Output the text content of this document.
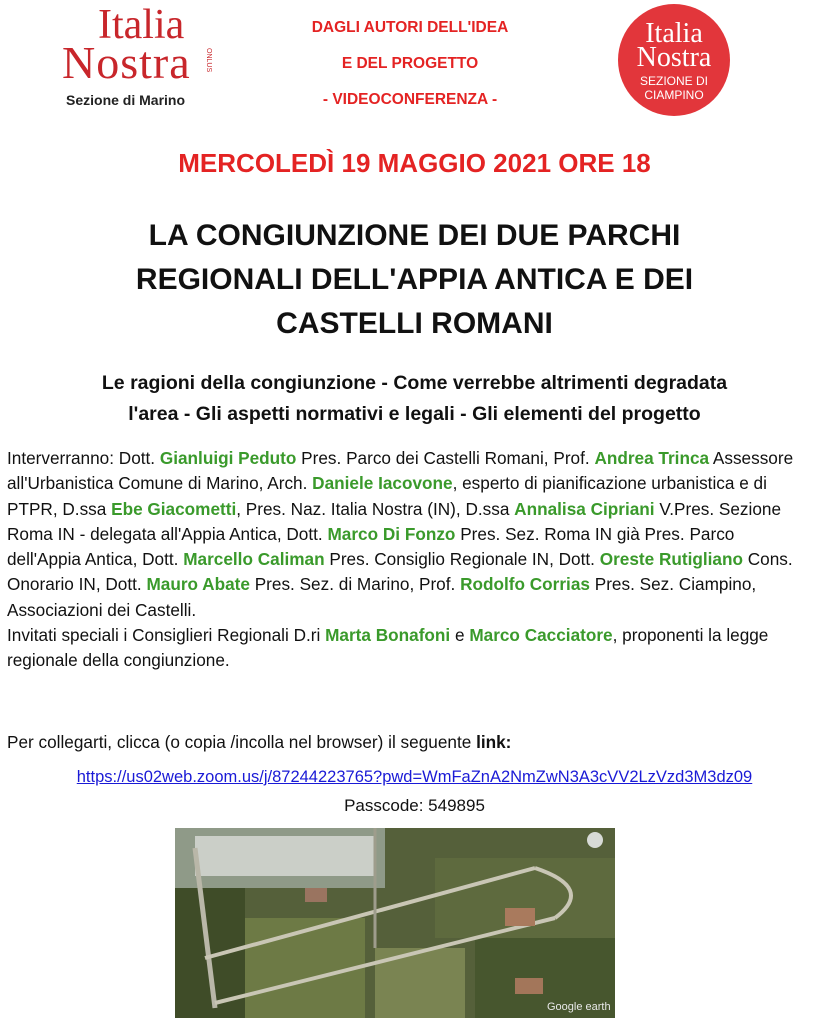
Italia
Nostra ONLUS
Sezione di Marino
DAGLI AUTORI DELL'IDEA
E DEL PROGETTO
- VIDEOCONFERENZA -
Italia
Nostra
SEZIONE DI
CIAMPINO
MERCOLEDÌ 19 MAGGIO 2021 ORE 18
LA CONGIUNZIONE DEI DUE PARCHI
REGIONALI DELL'APPIA ANTICA E DEI
CASTELLI ROMANI
Le ragioni della congiunzione - Come verrebbe altrimenti degradata
l'area - Gli aspetti normativi e legali - Gli elementi del progetto
Interverranno: Dott. Gianluigi Peduto Pres. Parco dei Castelli Romani, Prof. Andrea Trinca Assessore all'Urbanistica Comune di Marino, Arch. Daniele Iacovone, esperto di pianificazione urbanistica e di PTPR, D.ssa Ebe Giacometti, Pres. Naz. Italia Nostra (IN), D.ssa Annalisa Cipriani V.Pres. Sezione Roma IN - delegata all'Appia Antica, Dott. Marco Di Fonzo Pres. Sez. Roma IN già Pres. Parco dell'Appia Antica, Dott. Marcello Caliman Pres. Consiglio Regionale IN, Dott. Oreste Rutigliano Cons. Onorario IN, Dott. Mauro Abate Pres. Sez. di Marino, Prof. Rodolfo Corrias Pres. Sez. Ciampino, Associazioni dei Castelli.
Invitati speciali i Consiglieri Regionali D.ri Marta Bonafoni e Marco Cacciatore, proponenti la legge regionale della congiunzione.
Per collegarti, clicca (o copia /incolla nel browser) il seguente link:
https://us02web.zoom.us/j/87244223765?pwd=WmFaZnA2NmZwN3A3cVV2LzVzd3M3dz09
Passcode: 549895
Google earth
